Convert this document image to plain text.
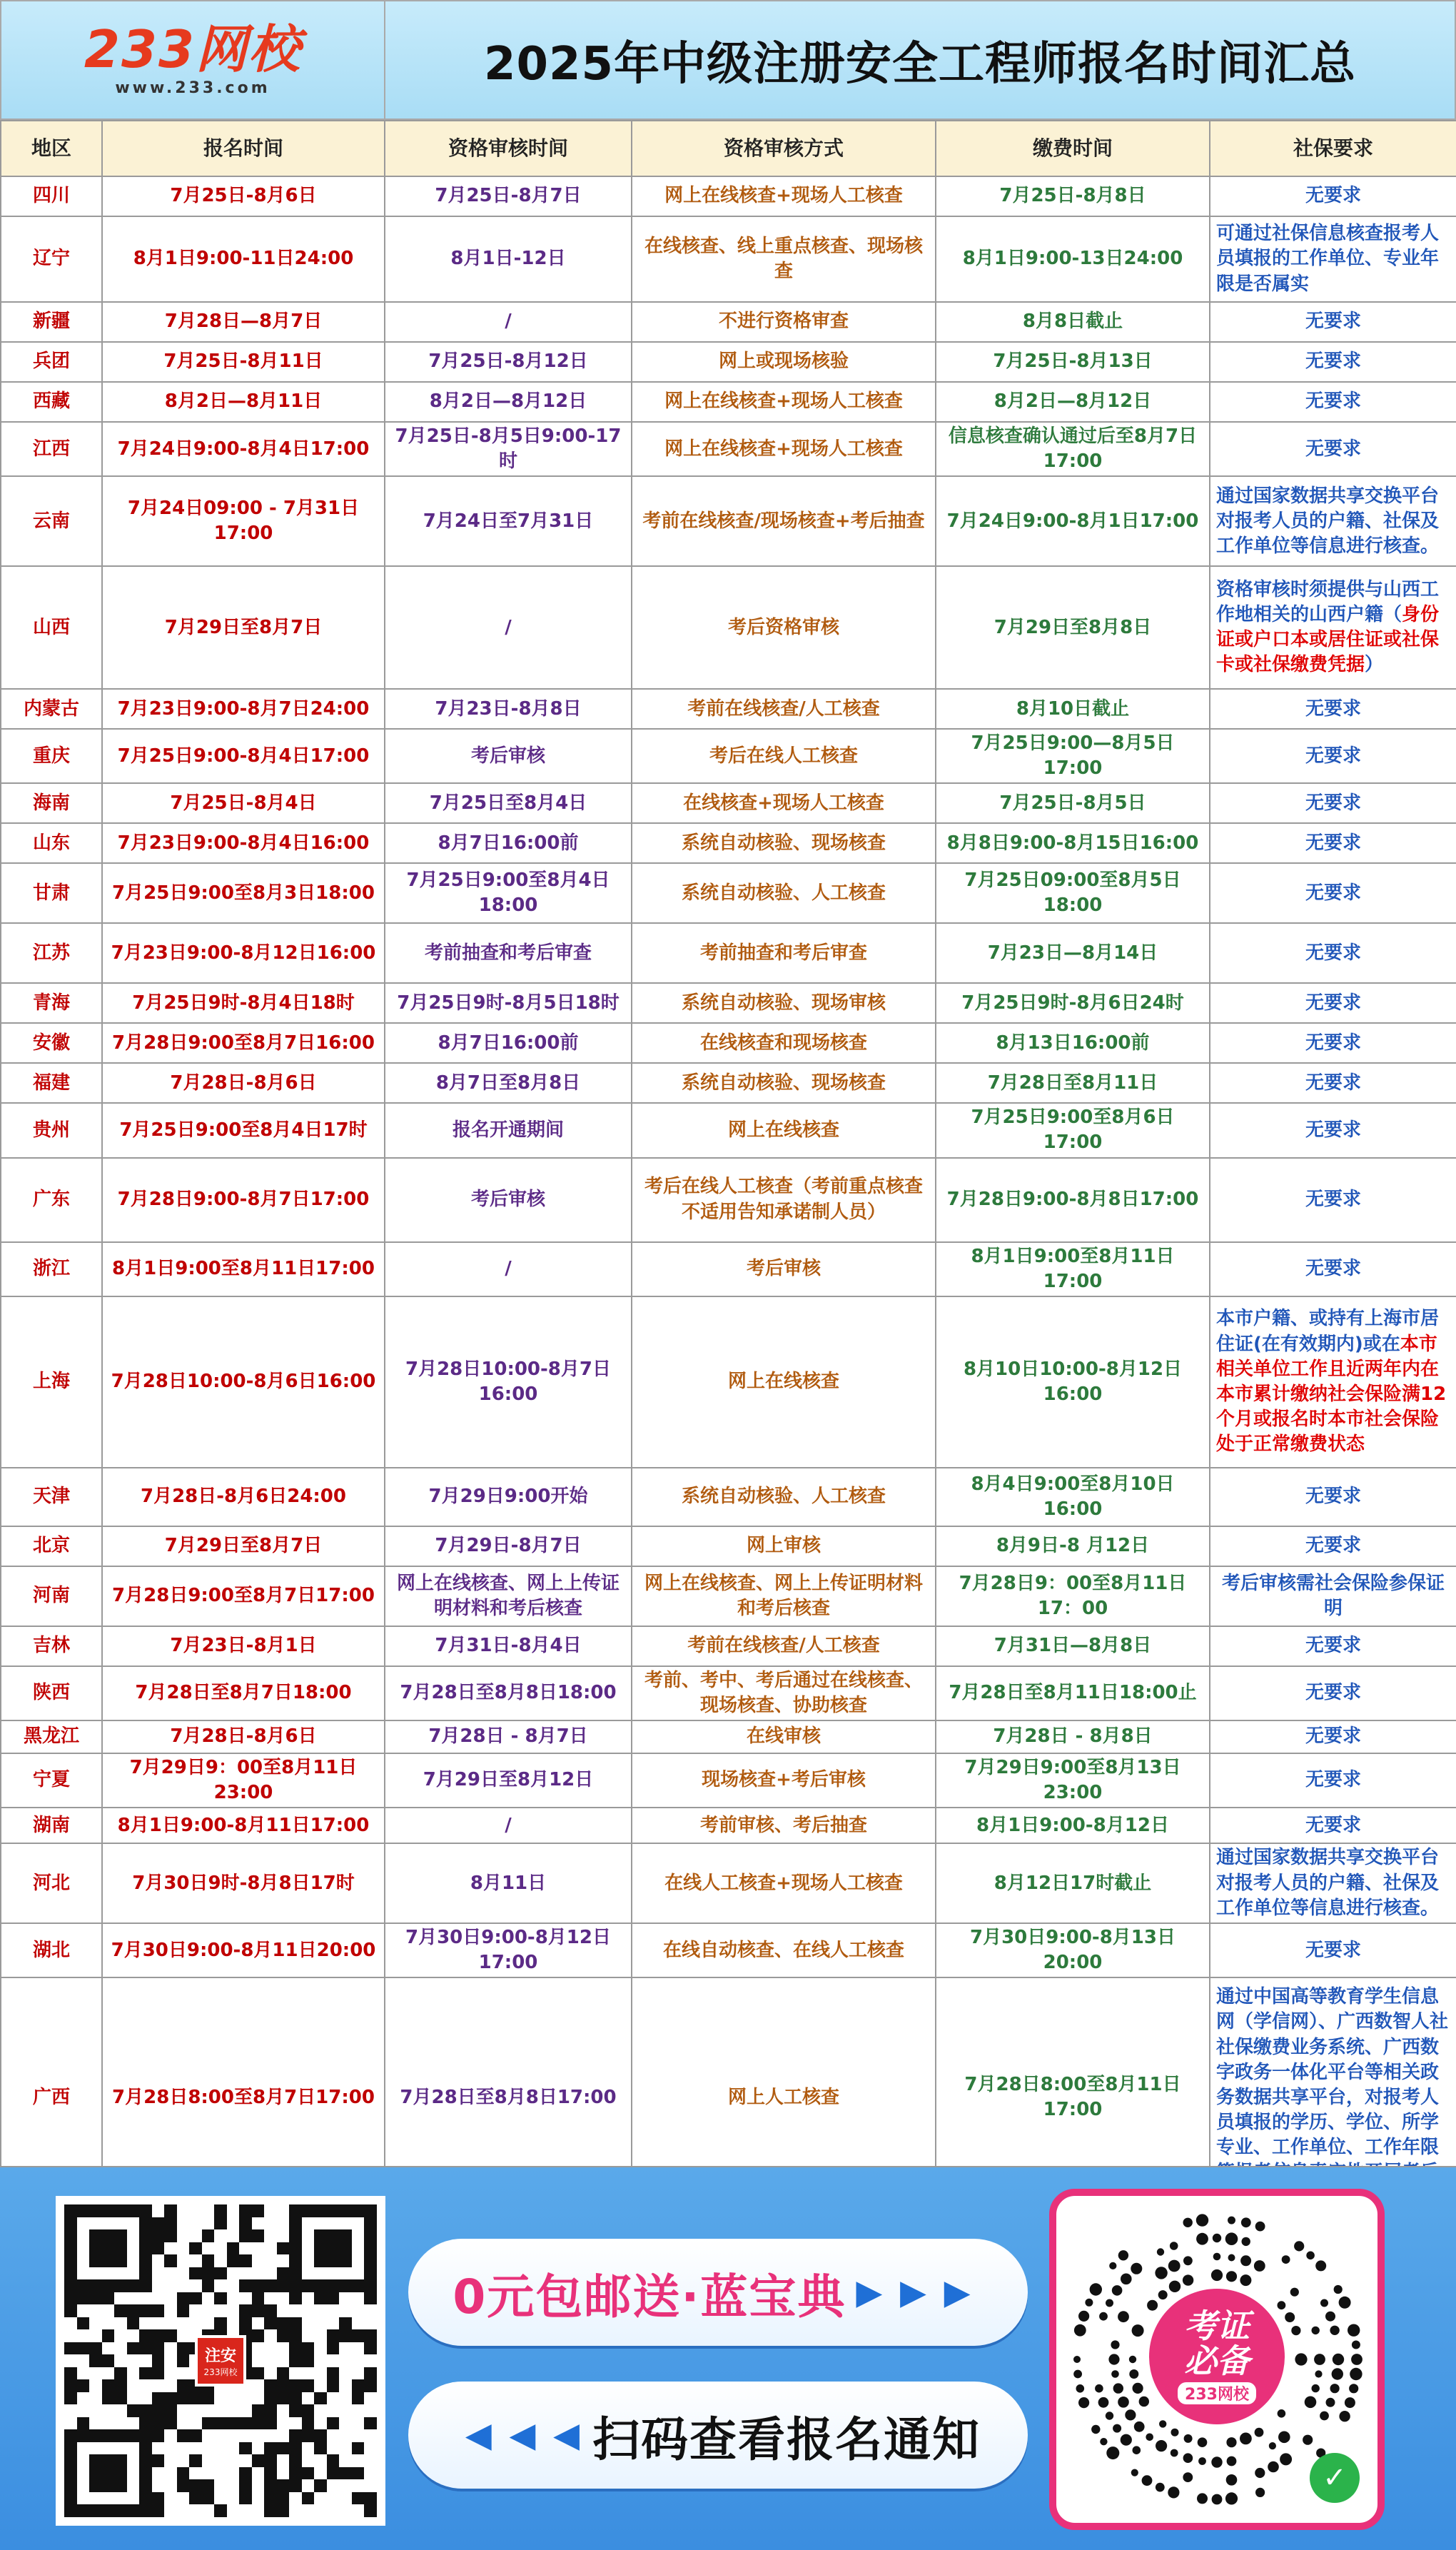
233网校
www.233.com	2025年中级注册安全工程师报名时间汇总
地区	报名时间	资格审核时间	资格审核方式	缴费时间	社保要求
四川	7月25日-8月6日	7月25日-8月7日	网上在线核查+现场人工核查	7月25日-8月8日	无要求
辽宁	8月1日9:00-11日24:00	8月1日-12日	在线核查、线上重点核查、现场核查	8月1日9:00-13日24:00	可通过社保信息核查报考人员填报的工作单位、专业年限是否属实
新疆	7月28日—8月7日	/	不进行资格审查	8月8日截止	无要求
兵团	7月25日-8月11日	7月25日-8月12日	网上或现场核验	7月25日-8月13日	无要求
西藏	8月2日—8月11日	8月2日—8月12日	网上在线核查+现场人工核查	8月2日—8月12日	无要求
江西	7月24日9:00-8月4日17:00	7月25日-8月5日9:00-17时	网上在线核查+现场人工核查	信息核查确认通过后至8月7日17:00	无要求
云南	7月24日09:00 - 7月31日17:00	7月24日至7月31日	考前在线核查/现场核查+考后抽查	7月24日9:00-8月1日17:00	通过国家数据共享交换平台对报考人员的户籍、社保及工作单位等信息进行核查。
山西	7月29日至8月7日	/	考后资格审核	7月29日至8月8日	资格审核时须提供与山西工作地相关的山西户籍（身份证或户口本或居住证或社保卡或社保缴费凭据）
内蒙古	7月23日9:00-8月7日24:00	7月23日-8月8日	考前在线核查/人工核查	8月10日截止	无要求
重庆	7月25日9:00-8月4日17:00	考后审核	考后在线人工核查	7月25日9:00—8月5日17:00	无要求
海南	7月25日-8月4日	7月25日至8月4日	在线核查+现场人工核查	7月25日-8月5日	无要求
山东	7月23日9:00-8月4日16:00	8月7日16:00前	系统自动核验、现场核查	8月8日9:00-8月15日16:00	无要求
甘肃	7月25日9:00至8月3日18:00	7月25日9:00至8月4日18:00	系统自动核验、人工核查	7月25日09:00至8月5日18:00	无要求
江苏	7月23日9:00-8月12日16:00	考前抽查和考后审查	考前抽查和考后审查	7月23日—8月14日	无要求
青海	7月25日9时-8月4日18时	7月25日9时-8月5日18时	系统自动核验、现场审核	7月25日9时-8月6日24时	无要求
安徽	7月28日9:00至8月7日16:00	8月7日16:00前	在线核查和现场核查	8月13日16:00前	无要求
福建	7月28日-8月6日	8月7日至8月8日	系统自动核验、现场核查	7月28日至8月11日	无要求
贵州	7月25日9:00至8月4日17时	报名开通期间	网上在线核查	7月25日9:00至8月6日17:00	无要求
广东	7月28日9:00-8月7日17:00	考后审核	考后在线人工核查（考前重点核查不适用告知承诺制人员）	7月28日9:00-8月8日17:00	无要求
浙江	8月1日9:00至8月11日17:00	/	考后审核	8月1日9:00至8月11日17:00	无要求
上海	7月28日10:00-8月6日16:00	7月28日10:00-8月7日16:00	网上在线核查	8月10日10:00-8月12日16:00	本市户籍、或持有上海市居住证(在有效期内)或在本市相关单位工作且近两年内在本市累计缴纳社会保险满12个月或报名时本市社会保险处于正常缴费状态
天津	7月28日-8月6日24:00	7月29日9:00开始	系统自动核验、人工核查	8月4日9:00至8月10日16:00	无要求
北京	7月29日至8月7日	7月29日-8月7日	网上审核	8月9日-8 月12日	无要求
河南	7月28日9:00至8月7日17:00	网上在线核查、网上上传证明材料和考后核查	网上在线核查、网上上传证明材料和考后核查	7月28日9：00至8月11日17：00	考后审核需社会保险参保证明
吉林	7月23日-8月1日	7月31日-8月4日	考前在线核查/人工核查	7月31日—8月8日	无要求
陕西	7月28日至8月7日18:00	7月28日至8月8日18:00	考前、考中、考后通过在线核查、现场核查、协助核查	7月28日至8月11日18:00止	无要求
黑龙江	7月28日-8月6日	7月28日 - 8月7日	在线审核	7月28日 - 8月8日	无要求
宁夏	7月29日9：00至8月11日23:00	7月29日至8月12日	现场核查+考后审核	7月29日9:00至8月13日23:00	无要求
湖南	8月1日9:00-8月11日17:00	/	考前审核、考后抽查	8月1日9:00-8月12日	无要求
河北	7月30日9时-8月8日17时	8月11日	在线人工核查+现场人工核查	8月12日17时截止	通过国家数据共享交换平台对报考人员的户籍、社保及工作单位等信息进行核查。
湖北	7月30日9:00-8月11日20:00	7月30日9:00-8月12日17:00	在线自动核查、在线人工核查	7月30日9:00-8月13日20:00	无要求
广西	7月28日8:00至8月7日17:00	7月28日至8月8日17:00	网上人工核查	7月28日8:00至8月11日17:00	通过中国高等教育学生信息网（学信网）、广西数智人社社保缴费业务系统、广西数字政务一体化平台等相关政务数据共享平台，对报考人员填报的学历、学位、所学专业、工作单位、工作年限
注安
233网校
0元包邮送·蓝宝典 ▶ ▶ ▶
◀ ◀ ◀ 扫码查看报名通知
考证
必备
233网校
✓
